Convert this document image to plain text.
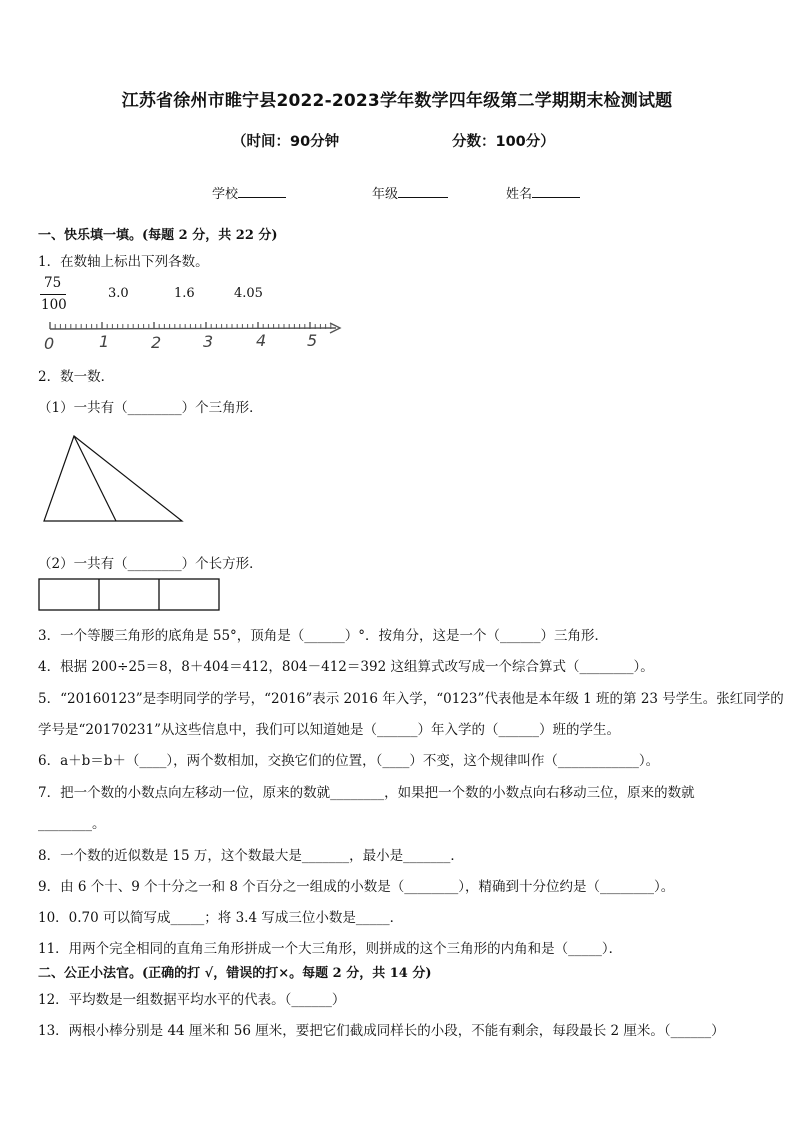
江苏省徐州市睢宁县2022-2023学年数学四年级第二学期期末检测试题
（时间：90分钟	分数：100分）
学校	年级	姓名
一、快乐填一填。(每题 2 分，共 22 分)
1．在数轴上标出下列各数。
75
100
3.0	1.6	4.05
0	1	2	3	4	5
2．数一数．
（1）一共有（________）个三角形．
（2）一共有（________）个长方形．
3．一个等腰三角形的底角是 55°，顶角是（______）°．按角分，这是一个（______）三角形．
4．根据 200÷25＝8，8＋404＝412，804－412＝392 这组算式改写成一个综合算式（________）。
5．“20160123”是李明同学的学号，“2016”表示 2016 年入学，“0123”代表他是本年级 1 班的第 23 号学生。张红同学的
学号是“20170231”从这些信息中，我们可以知道她是（______）年入学的（______）班的学生。
6．a＋b＝b＋（____），两个数相加，交换它们的位置，（____）不变，这个规律叫作（____________）。
7．把一个数的小数点向左移动一位，原来的数就________，如果把一个数的小数点向右移动三位，原来的数就
________。
8．一个数的近似数是 15 万，这个数最大是_______，最小是_______．
9．由 6 个十、9 个十分之一和 8 个百分之一组成的小数是（________），精确到十分位约是（________）。
10．0.70 可以简写成_____；将 3.4 写成三位小数是_____．
11．用两个完全相同的直角三角形拼成一个大三角形，则拼成的这个三角形的内角和是（_____）．
二、公正小法官。(正确的打 √，错误的打×。每题 2 分，共 14 分)
12．平均数是一组数据平均水平的代表。（______）
13．两根小棒分别是 44 厘米和 56 厘米，要把它们截成同样长的小段，不能有剩余，每段最长 2 厘米。（______）
